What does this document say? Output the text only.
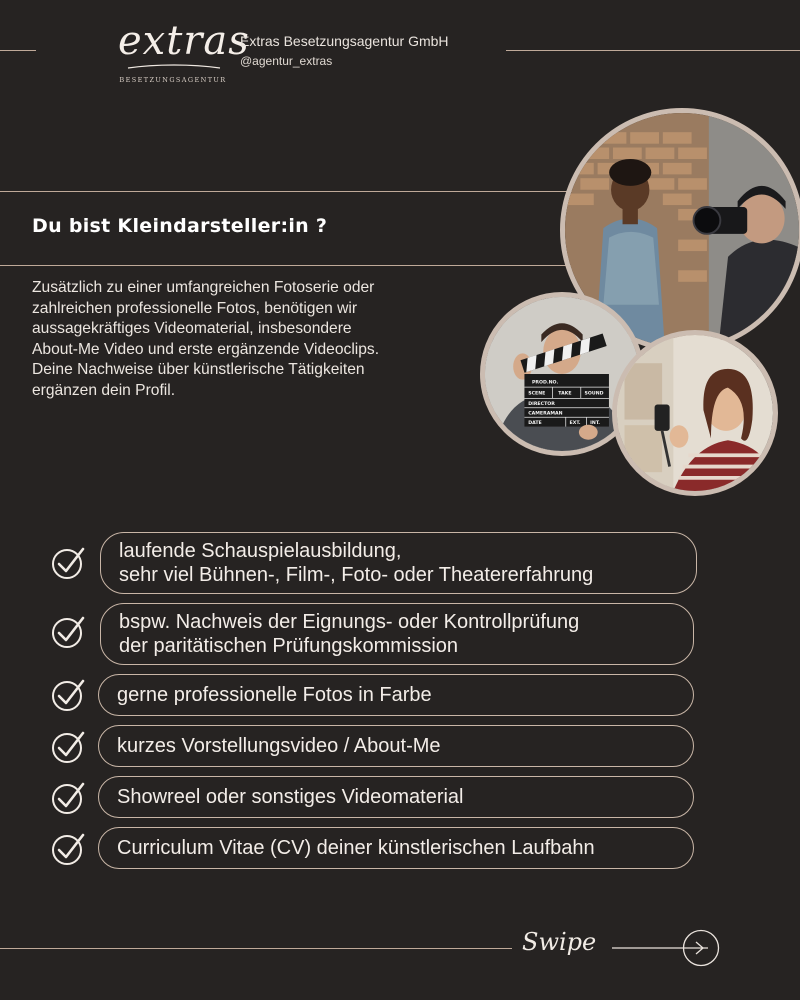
extras
BESETZUNGSAGENTUR
Extras Besetzungsagentur GmbH
@agentur_extras
Du bist Kleindarsteller:in ?
Zusätzlich zu einer umfangreichen Fotoserie oder
zahlreichen professionelle Fotos, benötigen wir
aussagekräftiges Videomaterial, insbesondere
About-Me Video und erste ergänzende Videoclips.
Deine Nachweise über künstlerische Tätigkeiten
ergänzen dein Profil.	PROD.NO.
SCENE	TAKE	SOUND
DIRECTOR
CAMERAMAN
DATE	EXT. INT.
laufende Schauspielausbildung,
sehr viel Bühnen-, Film-, Foto- oder Theatererfahrung
bspw. Nachweis der Eignungs- oder Kontrollprüfung
der paritätischen Prüfungskommission
gerne professionelle Fotos in Farbe
kurzes Vorstellungsvideo / About-Me
Showreel oder sonstiges Videomaterial
Curriculum Vitae (CV) deiner künstlerischen Laufbahn
Swipe
